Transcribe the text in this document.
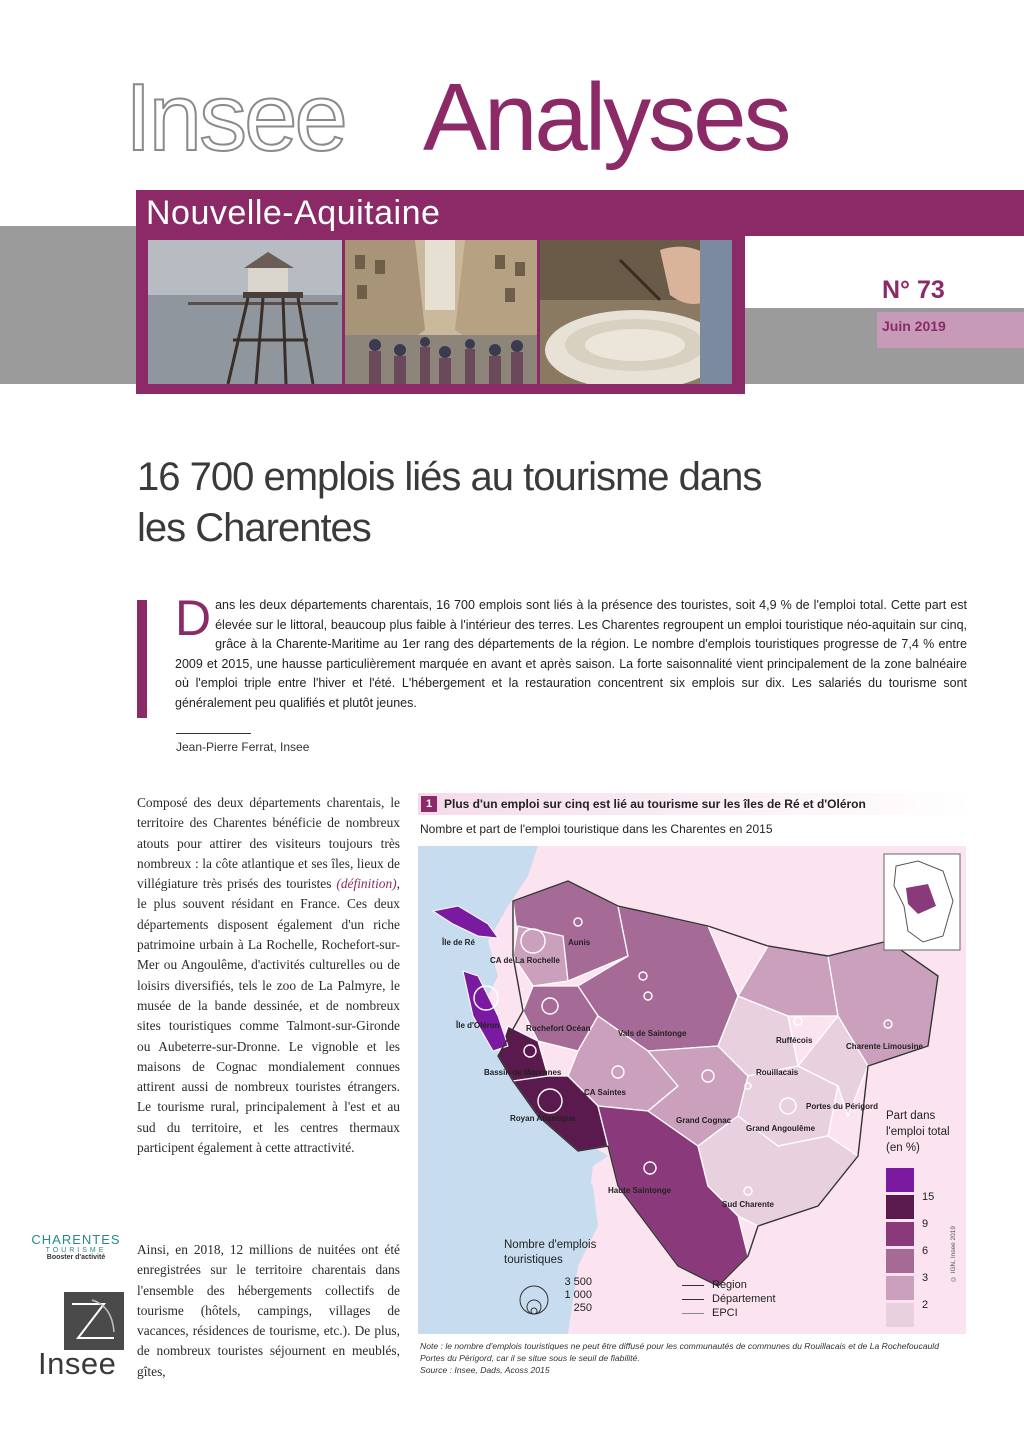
Insee Analyses
Nouvelle-Aquitaine
N° 73
Juin 2019
16 700 emplois liés au tourisme dans
les Charentes
D ans les deux départements charentais, 16 700 emplois sont liés à la présence des touristes, soit 4,9 % de l'emploi total. Cette part est élevée sur le littoral, beaucoup plus faible à l'intérieur des terres. Les Charentes regroupent un emploi touristique néo-aquitain sur cinq, grâce à la Charente-Maritime au 1er rang des départements de la région. Le nombre d'emplois touristiques progresse de 7,4 % entre 2009 et 2015, une hausse particulièrement marquée en avant et après saison. La forte saisonnalité vient principalement de la zone balnéaire où l'emploi triple entre l'hiver et l'été. L'hébergement et la restauration concentrent six emplois sur dix. Les salariés du tourisme sont généralement peu qualifiés et plutôt jeunes.
Jean-Pierre Ferrat, Insee
Composé des deux départements charentais, le territoire des Charentes bénéficie de nombreux atouts pour attirer des visiteurs toujours très nombreux : la côte atlantique et ses îles, lieux de villégiature très prisés des touristes (définition), le plus souvent résidant en France. Ces deux départements disposent également d'un riche patrimoine urbain à La Rochelle, Rochefort-sur-Mer ou Angoulême, d'activités culturelles ou de loisirs diversifiés, tels le zoo de La Palmyre, le musée de la bande dessinée, et de nombreux sites touristiques comme Talmont-sur-Gironde ou Aubeterre-sur-Dronne. Le vignoble et les maisons de Cognac mondialement connues attirent aussi de nombreux touristes étrangers. Le tourisme rural, principalement à l'est et au sud du territoire, et les centres thermaux participent également à cette attractivité.
Ainsi, en 2018, 12 millions de nuitées ont été enregistrées sur le territoire charentais dans l'ensemble des hébergements collectifs de tourisme (hôtels, campings, villages de vacances, résidences de tourisme, etc.). De plus, de nombreux touristes séjournent en meublés, gîtes,
CHARENTES
TOURISME
Booster d'activité
Insee
1 Plus d'un emploi sur cinq est lié au tourisme sur les îles de Ré et d'Oléron
Nombre et part de l'emploi touristique dans les Charentes en 2015
Île de Ré
CA de La Rochelle
Aunis
Île d'Oléron	Rochefort Océan
Vals de Saintonge
Ruffécois
Charente Limousine
Bassin de Marennes	Rouillacais
CA Saintes
Royan Atlantique	Grand Cognac
Portes du Périgord
Grand Angoulême
Haute Saintonge
Sud Charente
Part dans
l'emploi total
(en %)
15
9
6
3
2
© IGN, Insee 2019
Nombre d'emplois
touristiques
3 500
1 000
250
Région
Département
EPCI
Note : le nombre d'emplois touristiques ne peut être diffusé pour les communautés de communes du Rouillacais et de La Rochefoucauld Portes du Périgord, car il se situe sous le seuil de fiabilité.
Source : Insee, Dads, Acoss 2015
